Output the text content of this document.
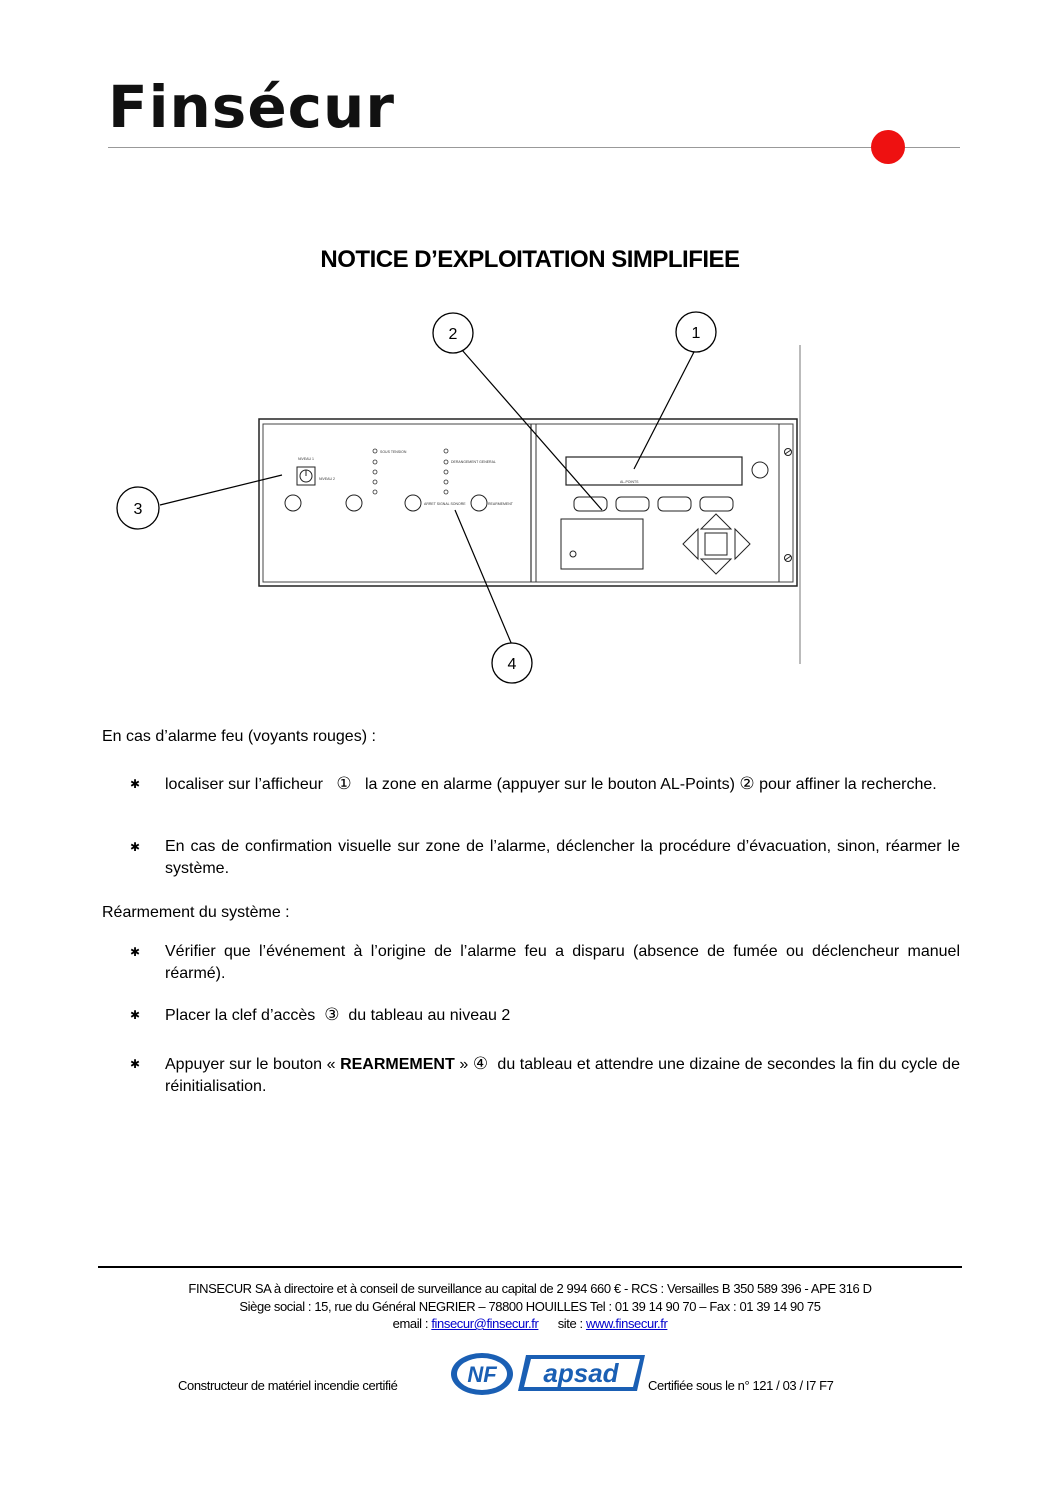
Finsécur
NOTICE D’EXPLOITATION SIMPLIFIEE
NIVEAU 1
NIVEAU 2
SOUS TENSION
DERANGEMENT GENERAL
ARRET SIGNAL SONORE	REARMEMENT
AL-POINTS
1
2
3
4
En cas d’alarme feu (voyants rouges) :
✱ localiser sur l’afficheur ① la zone en alarme (appuyer sur le bouton AL-Points) ② pour affiner la recherche.
✱ En cas de confirmation visuelle sur zone de l’alarme, déclencher la procédure d’évacuation, sinon, réarmer le système.
Réarmement du système :
✱ Vérifier que l’événement à l’origine de l’alarme feu a disparu (absence de fumée ou déclencheur manuel réarmé).
✱ Placer la clef d’accès ③ du tableau au niveau 2
✱ Appuyer sur le bouton « REARMEMENT » ④ du tableau et attendre une dizaine de secondes la fin du cycle de réinitialisation.
FINSECUR SA à directoire et à conseil de surveillance au capital de 2 994 660 € - RCS : Versailles B 350 589 396 - APE 316 D
Siège social : 15, rue du Général NEGRIER – 78800 HOUILLES Tel : 01 39 14 90 70 – Fax : 01 39 14 90 75
email : finsecur@finsecur.fr site : www.finsecur.fr
Constructeur de matériel incendie certifié	NF apsad Certifiée sous le n° 121 / 03 / I7 F7
